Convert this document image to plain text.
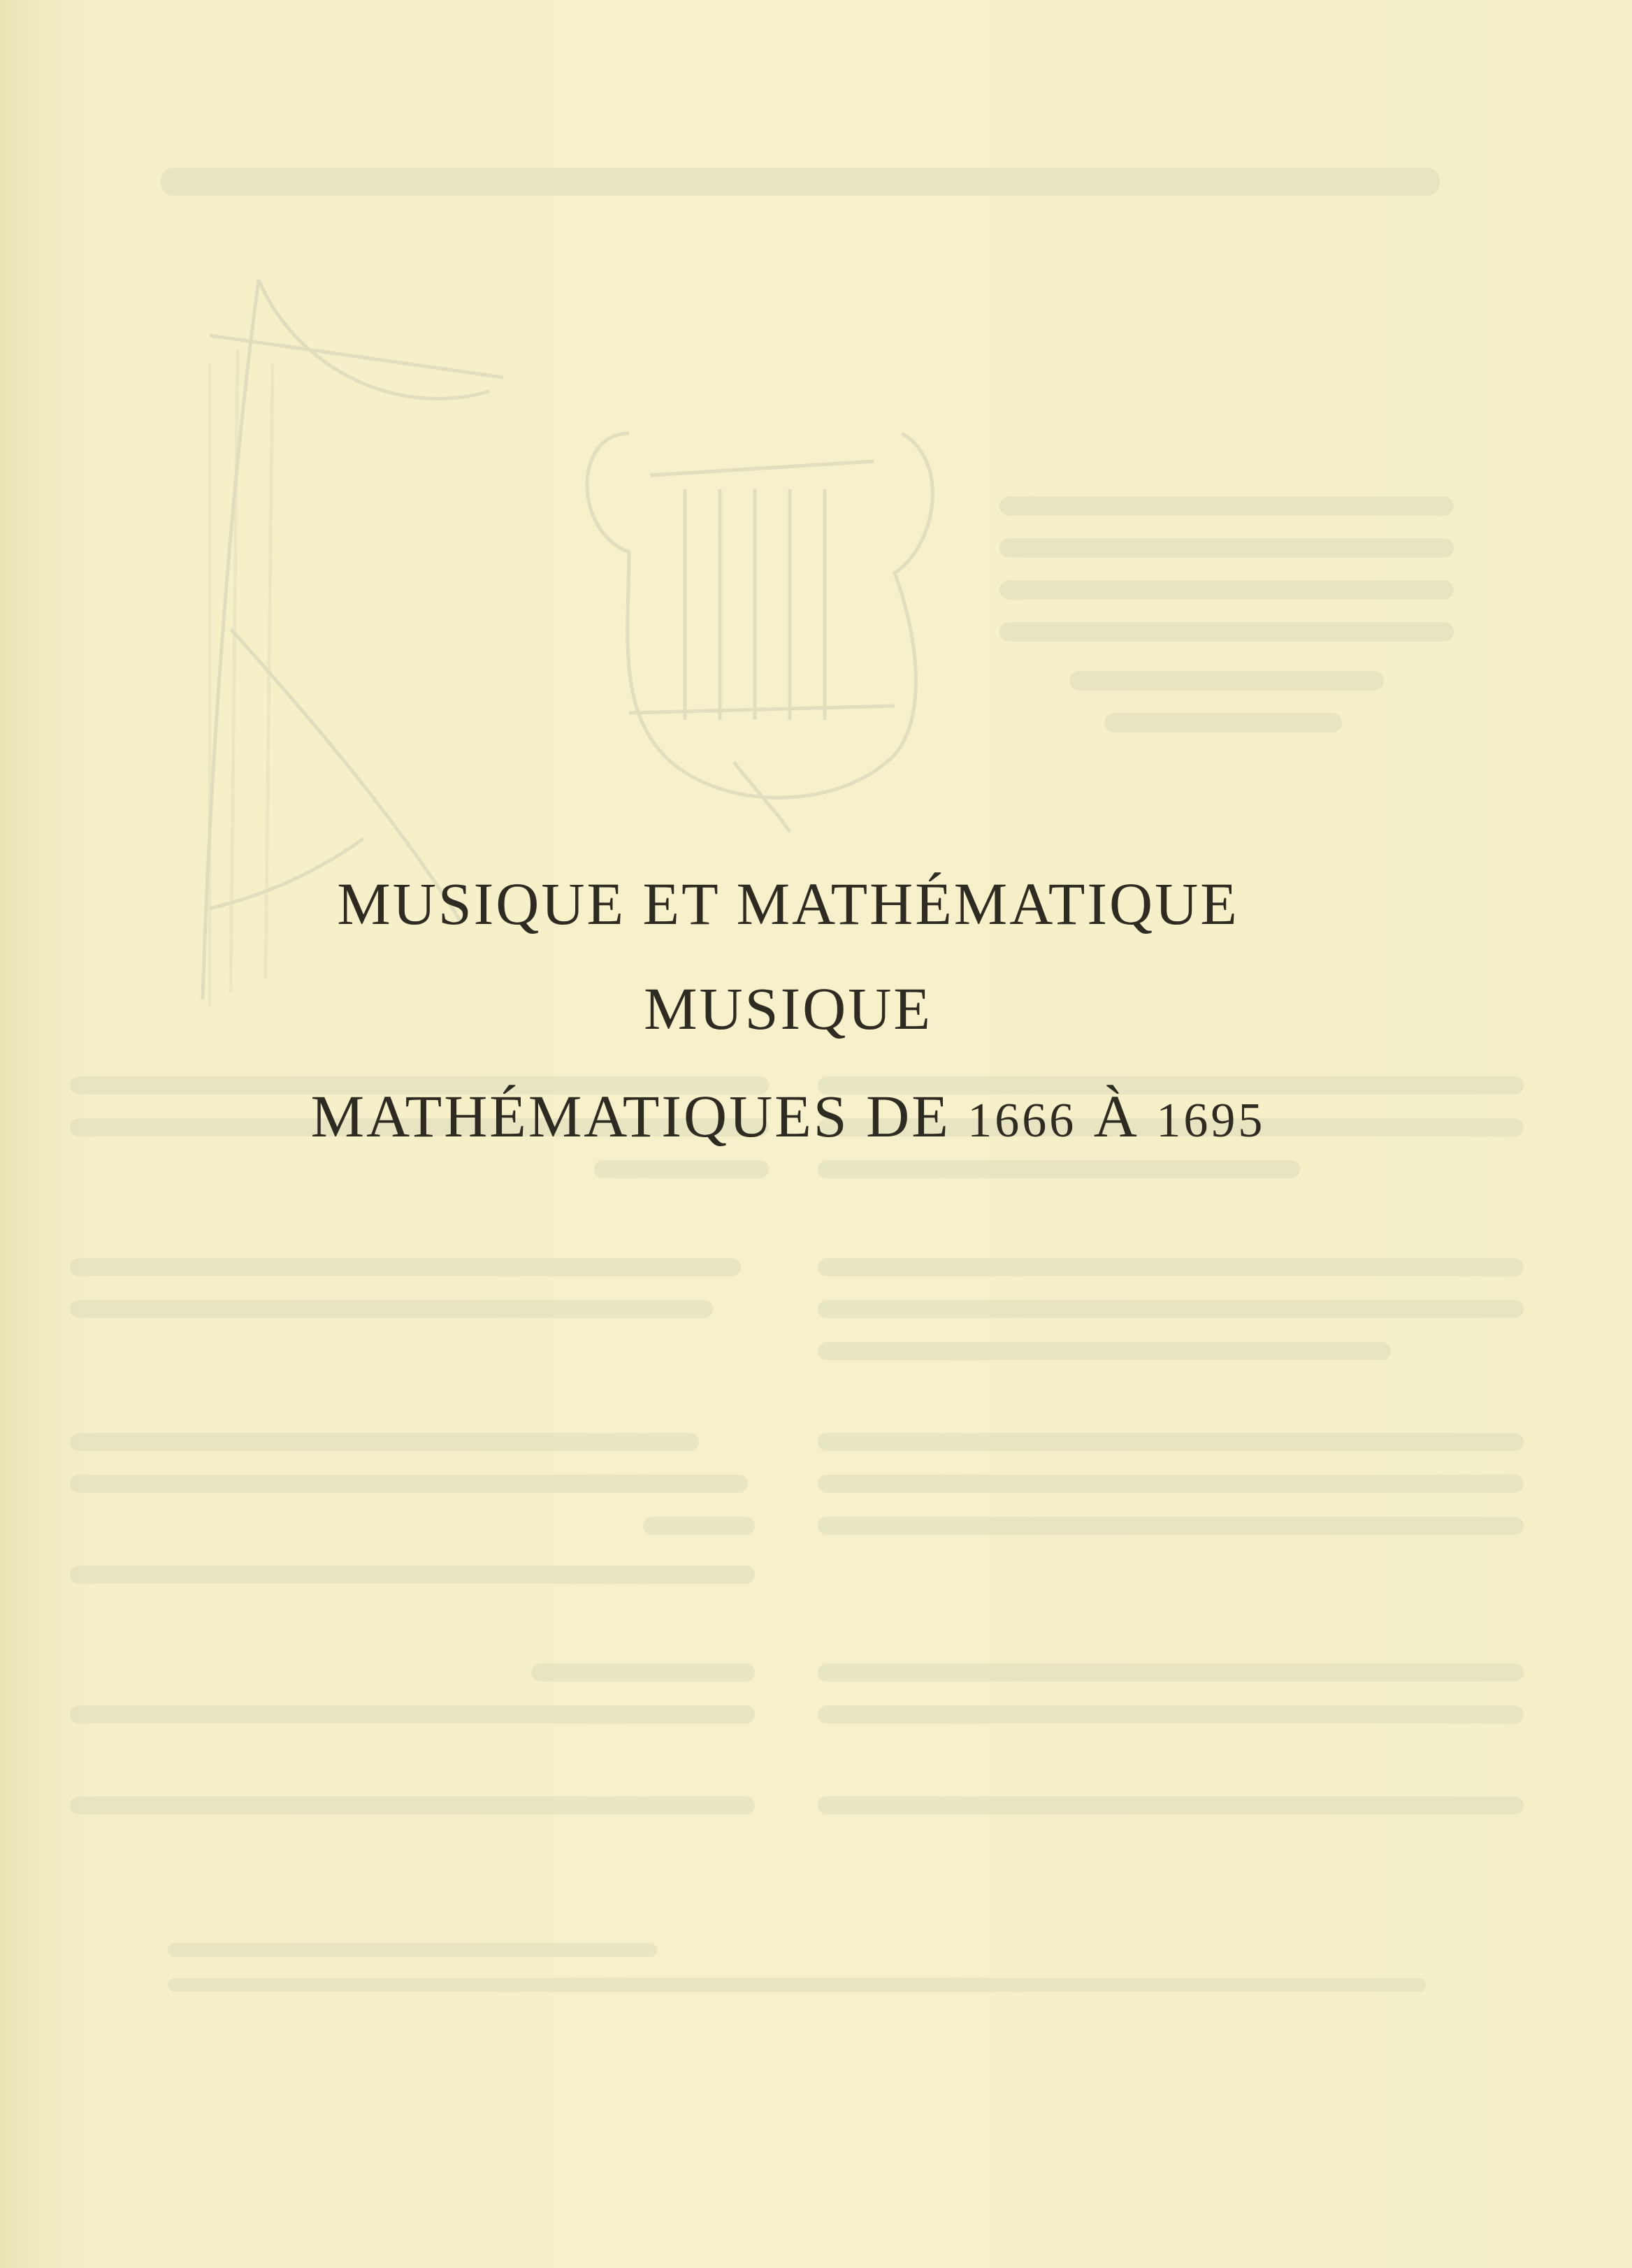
MUSIQUE ET MATHÉMATIQUE
MUSIQUE
MATHÉMATIQUES DE 1666 À 1695
